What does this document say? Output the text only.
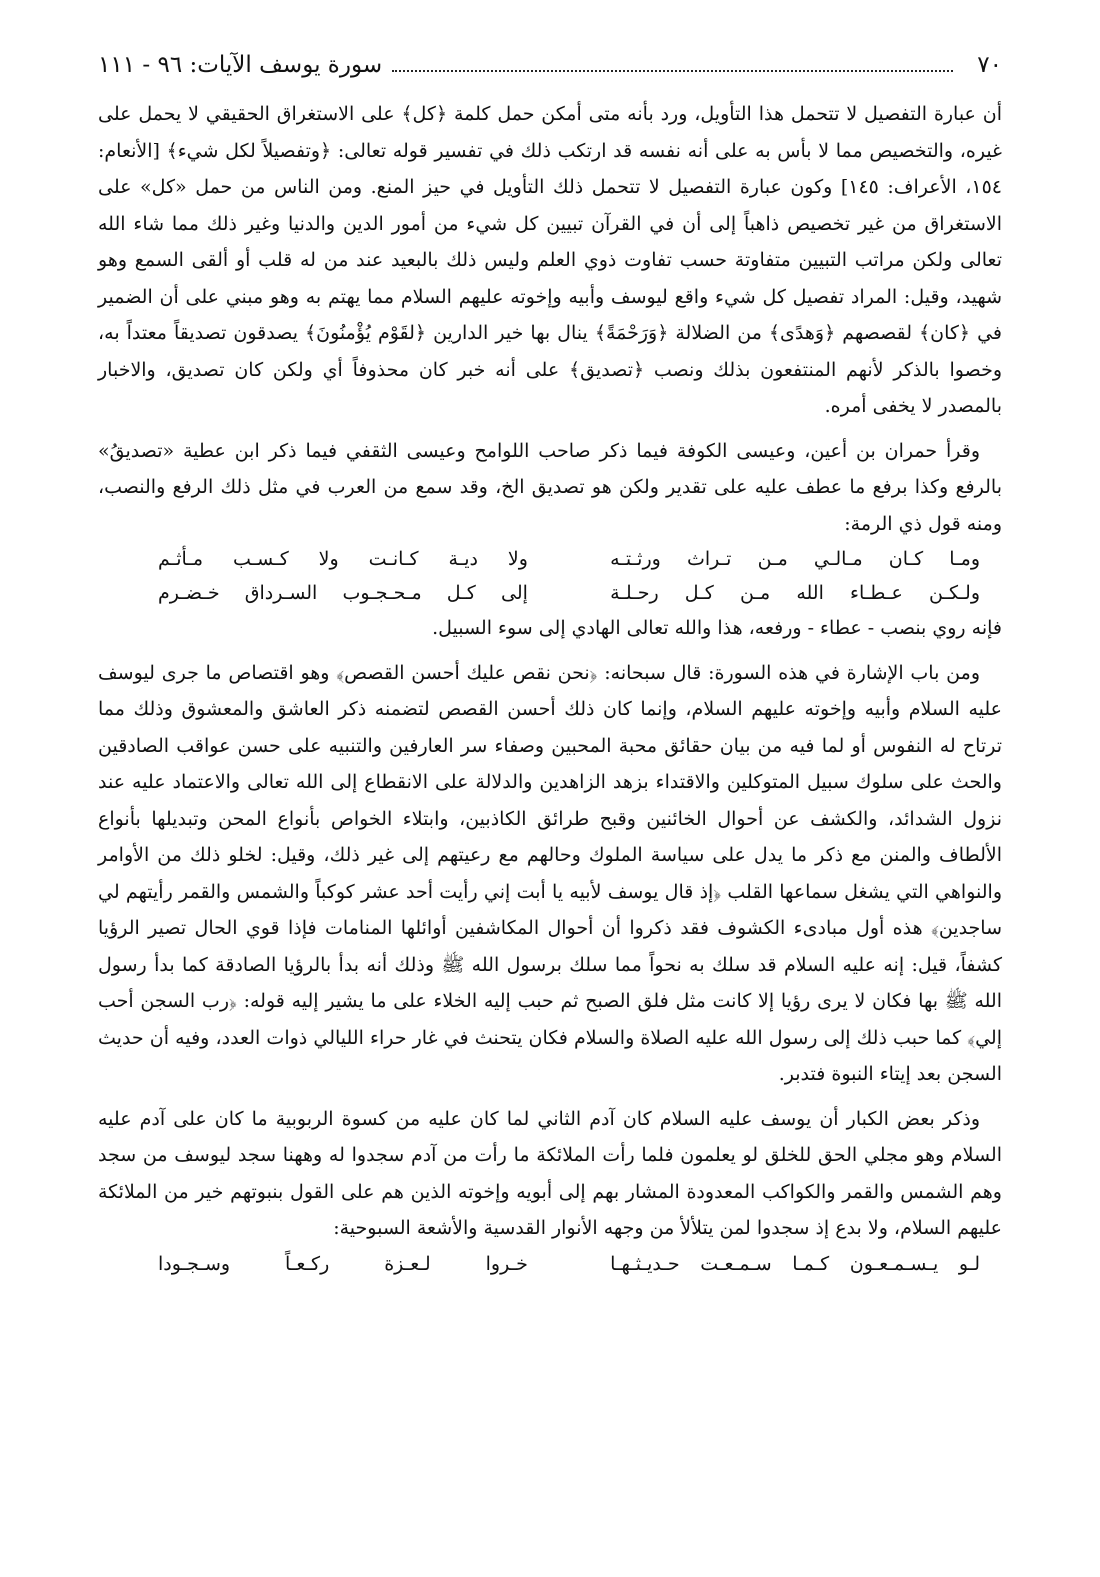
٧٠
سورة يوسف الآيات: ٩٦ - ١١١

أن عبارة التفصيل لا تتحمل هذا التأويل، ورد بأنه متى أمكن حمل كلمة ﴿كل﴾ على الاستغراق الحقيقي لا يحمل على غيره، والتخصيص مما لا بأس به على أنه نفسه قد ارتكب ذلك في تفسير قوله تعالى: ﴿وتفصيلاً لكل شيء﴾ [الأنعام: ١٥٤، الأعراف: ١٤٥] وكون عبارة التفصيل لا تتحمل ذلك التأويل في حيز المنع. ومن الناس من حمل «كل» على الاستغراق من غير تخصيص ذاهباً إلى أن في القرآن تبيين كل شيء من أمور الدين والدنيا وغير ذلك مما شاء الله تعالى ولكن مراتب التبيين متفاوتة حسب تفاوت ذوي العلم وليس ذلك بالبعيد عند من له قلب أو ألقى السمع وهو شهيد، وقيل: المراد تفصيل كل شيء واقع ليوسف وأبيه وإخوته عليهم السلام مما يهتم به وهو مبني على أن الضمير في ﴿كان﴾ لقصصهم ﴿وَهدًى﴾ من الضلالة ﴿وَرَحْمَةً﴾ ينال بها خير الدارين ﴿لقَوْم يُؤْمنُونَ﴾ يصدقون تصديقاً معتداً به، وخصوا بالذكر لأنهم المنتفعون بذلك ونصب ﴿تصديق﴾ على أنه خبر كان محذوفاً أي ولكن كان تصديق، والاخبار بالمصدر لا يخفى أمره.

وقرأ حمران بن أعين، وعيسى الكوفة فيما ذكر صاحب اللوامح وعيسى الثقفي فيما ذكر ابن عطية «تصديقُ» بالرفع وكذا برفع ما عطف عليه على تقدير ولكن هو تصديق الخ، وقد سمع من العرب في مثل ذلك الرفع والنصب، ومنه قول ذي الرمة:

ومـا كـان مـالـي مـن تـراث ورثـتـه
ولا ديـة كـانـت ولا كـسـب مـأثـم
ولـكـن عـطـاء الله مـن كـل رحـلـة
إلى كـل مـحـجـوب السـرداق خـضـرم

فإنه روي بنصب - عطاء - ورفعه، هذا والله تعالى الهادي إلى سوء السبيل.

ومن باب الإشارة في هذه السورة: قال سبحانه: ﴿نحن نقص عليك أحسن القصص﴾ وهو اقتصاص ما جرى ليوسف عليه السلام وأبيه وإخوته عليهم السلام، وإنما كان ذلك أحسن القصص لتضمنه ذكر العاشق والمعشوق وذلك مما ترتاح له النفوس أو لما فيه من بيان حقائق محبة المحبين وصفاء سر العارفين والتنبيه على حسن عواقب الصادقين والحث على سلوك سبيل المتوكلين والاقتداء بزهد الزاهدين والدلالة على الانقطاع إلى الله تعالى والاعتماد عليه عند نزول الشدائد، والكشف عن أحوال الخائنين وقبح طرائق الكاذبين، وابتلاء الخواص بأنواع المحن وتبديلها بأنواع الألطاف والمنن مع ذكر ما يدل على سياسة الملوك وحالهم مع رعيتهم إلى غير ذلك، وقيل: لخلو ذلك من الأوامر والنواهي التي يشغل سماعها القلب ﴿إذ قال يوسف لأبيه يا أبت إني رأيت أحد عشر كوكباً والشمس والقمر رأيتهم لي ساجدين﴾ هذه أول مبادىء الكشوف فقد ذكروا أن أحوال المكاشفين أوائلها المنامات فإذا قوي الحال تصير الرؤيا كشفاً، قيل: إنه عليه السلام قد سلك به نحواً مما سلك برسول الله ﷺ وذلك أنه بدأ بالرؤيا الصادقة كما بدأ رسول الله ﷺ بها فكان لا يرى رؤيا إلا كانت مثل فلق الصبح ثم حبب إليه الخلاء على ما يشير إليه قوله: ﴿رب السجن أحب إلي﴾ كما حبب ذلك إلى رسول الله عليه الصلاة والسلام فكان يتحنث في غار حراء الليالي ذوات العدد، وفيه أن حديث السجن بعد إيتاء النبوة فتدبر.

وذكر بعض الكبار أن يوسف عليه السلام كان آدم الثاني لما كان عليه من كسوة الربوبية ما كان على آدم عليه السلام وهو مجلي الحق للخلق لو يعلمون فلما رأت الملائكة ما رأت من آدم سجدوا له وههنا سجد ليوسف من سجد وهم الشمس والقمر والكواكب المعدودة المشار بهم إلى أبويه وإخوته الذين هم على القول بنبوتهم خير من الملائكة عليهم السلام، ولا بدع إذ سجدوا لمن يتلألأ من وجهه الأنوار القدسية والأشعة السبوحية:

لـو يـسـمـعـون كـمـا سـمـعـت حـديـثـهـا
خـروا لـعـزة ركـعـاً وسـجـودا
